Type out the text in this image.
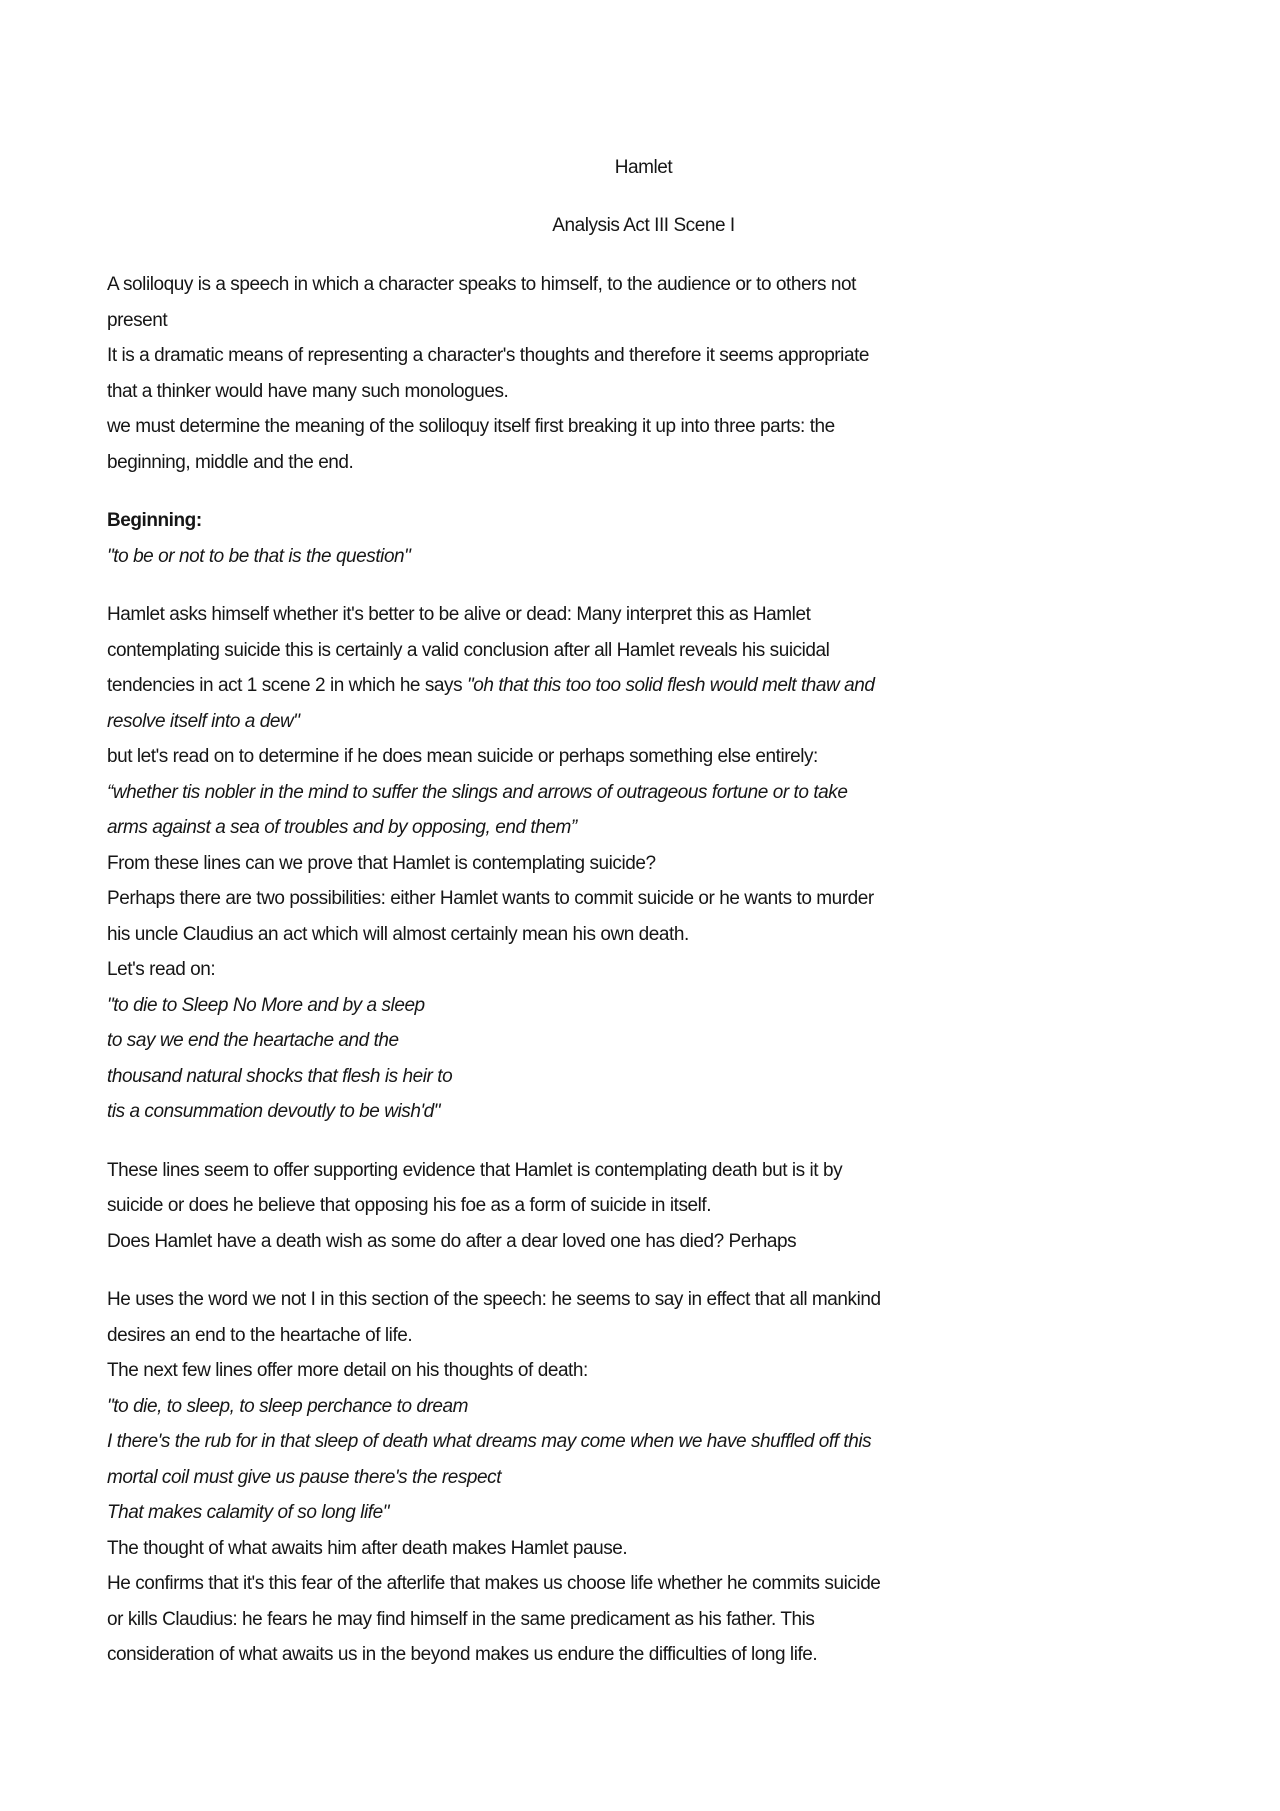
Hamlet
Analysis Act III Scene I
A soliloquy is a speech in which a character speaks to himself, to the audience or to others not
present
It is a dramatic means of representing a character's thoughts and therefore it seems appropriate
that a thinker would have many such monologues.
we must determine the meaning of the soliloquy itself first breaking it up into three parts: the
beginning, middle and the end.
Beginning:
"to be or not to be that is the question"
Hamlet asks himself whether it's better to be alive or dead: Many interpret this as Hamlet
contemplating suicide this is certainly a valid conclusion after all Hamlet reveals his suicidal
tendencies in act 1 scene 2 in which he says "oh that this too too solid flesh would melt thaw and
resolve itself into a dew"
but let's read on to determine if he does mean suicide or perhaps something else entirely:
“whether tis nobler in the mind to suffer the slings and arrows of outrageous fortune or to take
arms against a sea of troubles and by opposing, end them”
From these lines can we prove that Hamlet is contemplating suicide?
Perhaps there are two possibilities: either Hamlet wants to commit suicide or he wants to murder
his uncle Claudius an act which will almost certainly mean his own death.
Let's read on:
"to die to Sleep No More and by a sleep
to say we end the heartache and the
thousand natural shocks that flesh is heir to
tis a consummation devoutly to be wish'd"
These lines seem to offer supporting evidence that Hamlet is contemplating death but is it by
suicide or does he believe that opposing his foe as a form of suicide in itself.
Does Hamlet have a death wish as some do after a dear loved one has died? Perhaps
He uses the word we not I in this section of the speech: he seems to say in effect that all mankind
desires an end to the heartache of life.
The next few lines offer more detail on his thoughts of death:
"to die, to sleep, to sleep perchance to dream
I there's the rub for in that sleep of death what dreams may come when we have shuffled off this
mortal coil must give us pause there's the respect
That makes calamity of so long life"
The thought of what awaits him after death makes Hamlet pause.
He confirms that it's this fear of the afterlife that makes us choose life whether he commits suicide
or kills Claudius: he fears he may find himself in the same predicament as his father. This
consideration of what awaits us in the beyond makes us endure the difficulties of long life.
